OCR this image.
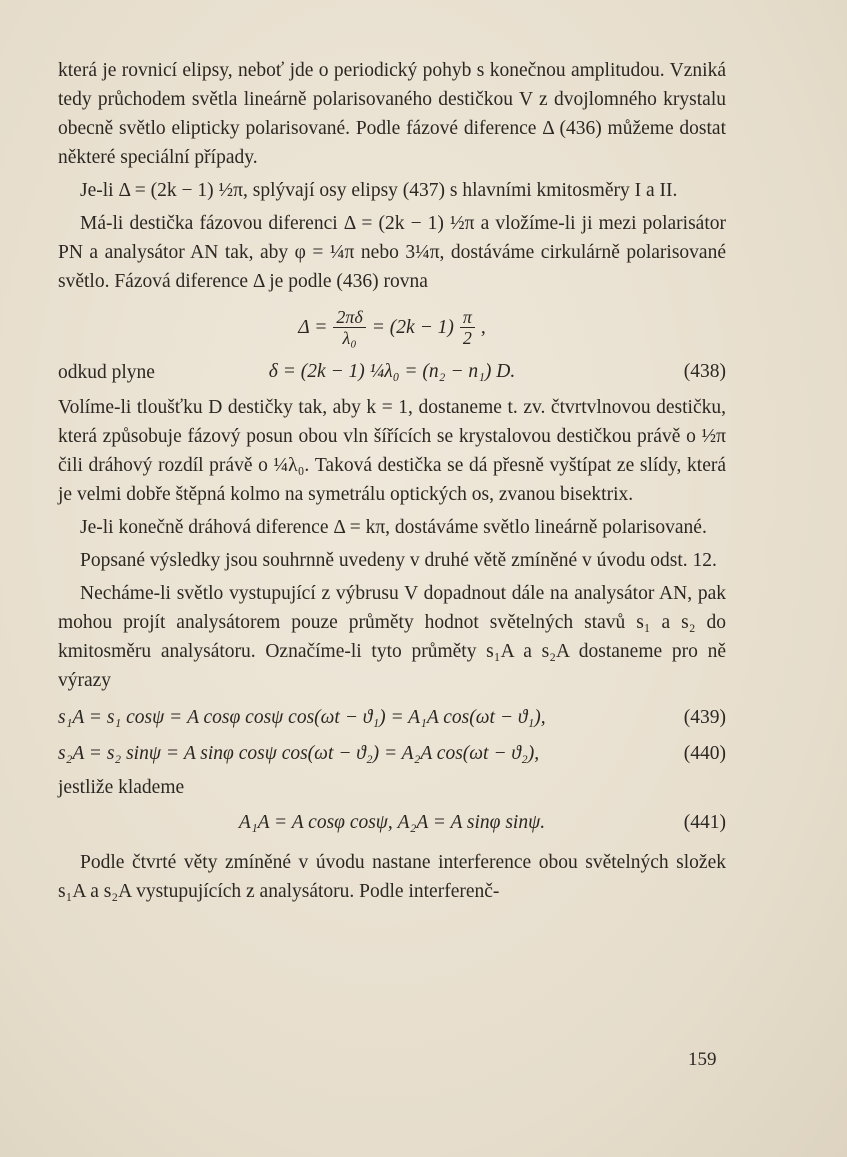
která je rovnicí elipsy, neboť jde o periodický pohyb s konečnou amplitudou. Vzniká tedy průchodem světla lineárně polarisovaného destičkou V z dvojlomného krystalu obecně světlo elipticky polarisované. Podle fázové diference Δ (436) můžeme dostat některé speciální případy.

Je-li Δ = (2k − 1) ½π, splývají osy elipsy (437) s hlavními kmitosměry I a II.

Má-li destička fázovou diferenci Δ = (2k − 1) ½π a vložíme-li ji mezi polarisátor PN a analysátor AN tak, aby φ = ¼π nebo 3¼π, dostáváme cirkulárně polarisované světlo. Fázová diference Δ je podle (436) rovna

$\Delta = \frac{2\pi\delta}{\text{λ₀}} = (2k - 1) \frac{\pi}{2}$ ,

odkud plyne	δ = (2k − 1) ¼λ₀ = (n₂ − n₁) D.	(438)

Volíme-li tloušťku D destičky tak, aby k = 1, dostaneme t. zv. čtvrtvlnovou destičku, která způsobuje fázový posun obou vln šířících se krystalovou destičkou právě o ½π čili dráhový rozdíl právě o ¼λ₀. Taková destička se dá přesně vyštípat ze slídy, která je velmi dobře štěpná kolmo na symetrálu optických os, zvanou bisektrix.

Je-li konečně dráhová diference Δ = kπ, dostáváme světlo lineárně polarisované.

Popsané výsledky jsou souhrnně uvedeny v druhé větě zmíněné v úvodu odst. 12.

Necháme-li světlo vystupující z výbrusu V dopadnout dále na analysátor AN, pak mohou projít analysátorem pouze průměty hodnot světelných stavů s₁ a s₂ do kmitosměru analysátoru. Označíme-li tyto průměty s₁A a s₂A dostaneme pro ně výrazy

s₁A = s₁ cosψ = A cosφ cosψ cos(ωt − ϑ₁) = A₁A cos(ωt − ϑ₁),	(439)
s₂A = s₂ sinψ = A sinφ cosψ cos(ωt − ϑ₂) = A₂A cos(ωt − ϑ₂),	(440)

jestliže klademe

A₁A = A cosφ cosψ, A₂A = A sinφ sinψ.	(441)

Podle čtvrté věty zmíněné v úvodu nastane interference obou světelných složek s₁A a s₂A vystupujících z analysátoru. Podle interferenč-

159
